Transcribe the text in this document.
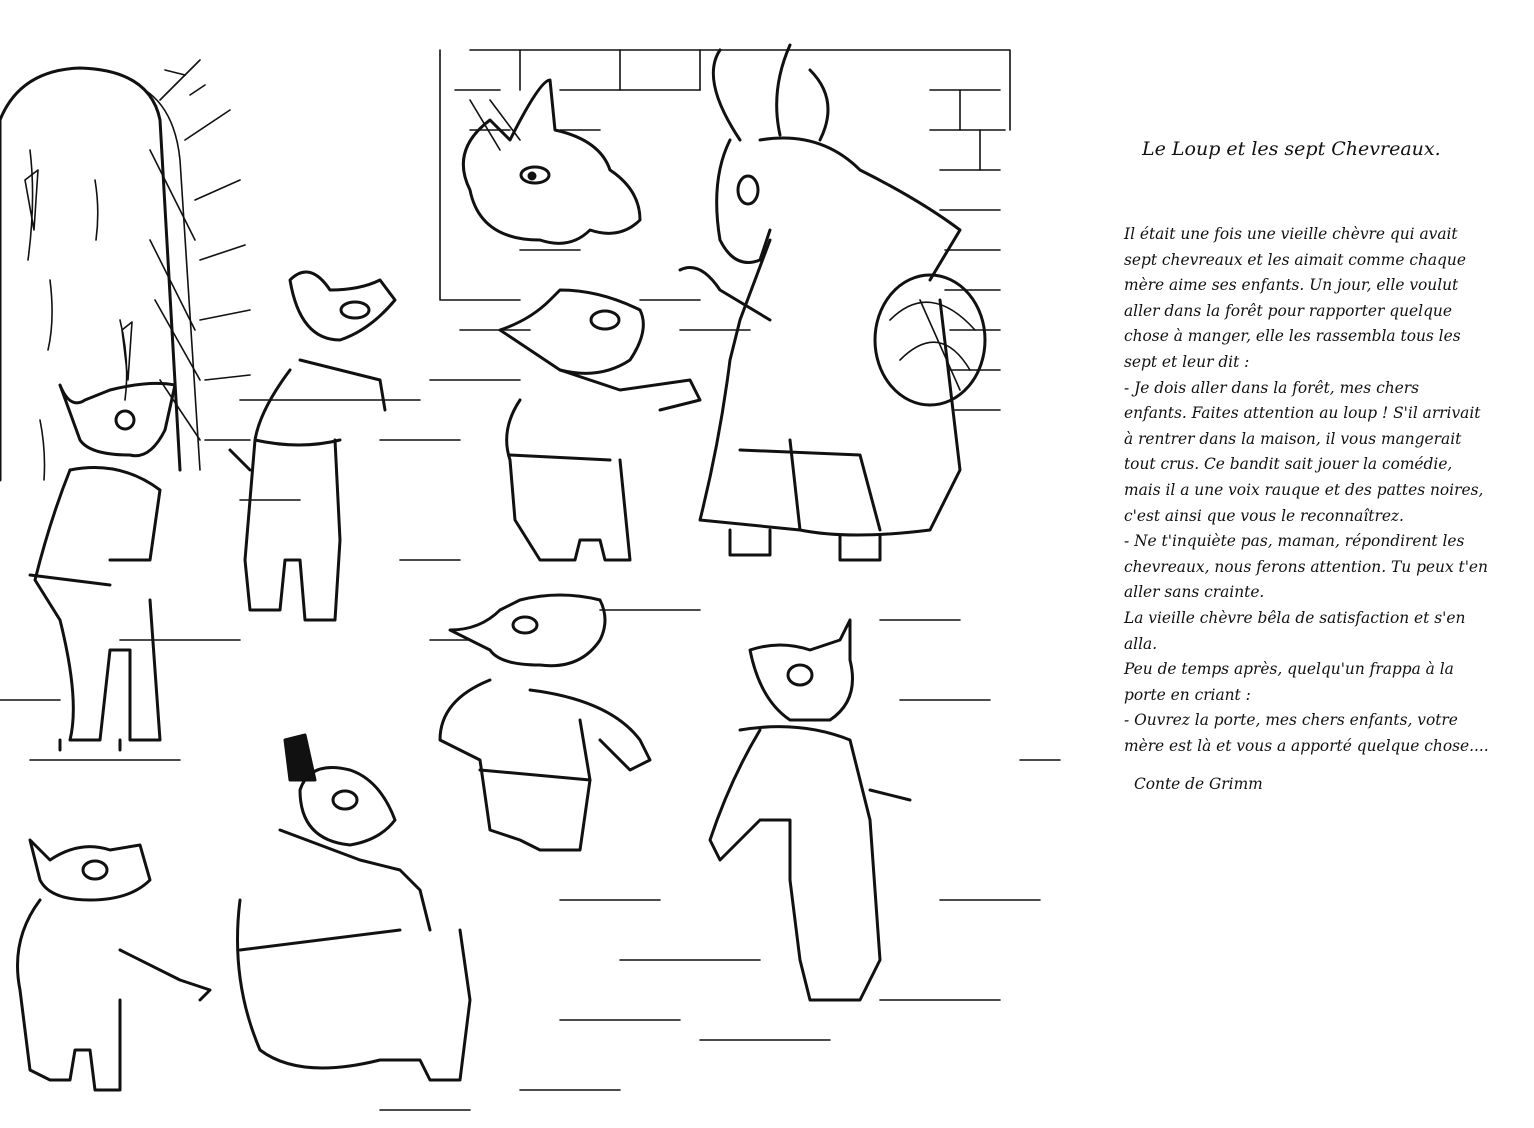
Le Loup et les sept Chevreaux.

Il était une fois une vieille chèvre qui avait

sept chevreaux et les aimait comme chaque

mère aime ses enfants. Un jour, elle voulut

aller dans la forêt pour rapporter quelque

chose à manger, elle les rassembla tous les

sept et leur dit :

- Je dois aller dans la forêt, mes chers

enfants. Faites attention au loup ! S'il arrivait

à rentrer dans la maison, il vous mangerait

tout crus. Ce bandit sait jouer la comédie,

mais il a une voix rauque et des pattes noires,

c'est ainsi que vous le reconnaîtrez.

- Ne t'inquiète pas, maman, répondirent les

chevreaux, nous ferons attention. Tu peux t'en

aller sans crainte.

La vieille chèvre bêla de satisfaction et s'en

alla.

Peu de temps après, quelqu'un frappa à la

porte en criant :

- Ouvrez la porte, mes chers enfants, votre

mère est là et vous a apporté quelque chose....

Conte de Grimm
